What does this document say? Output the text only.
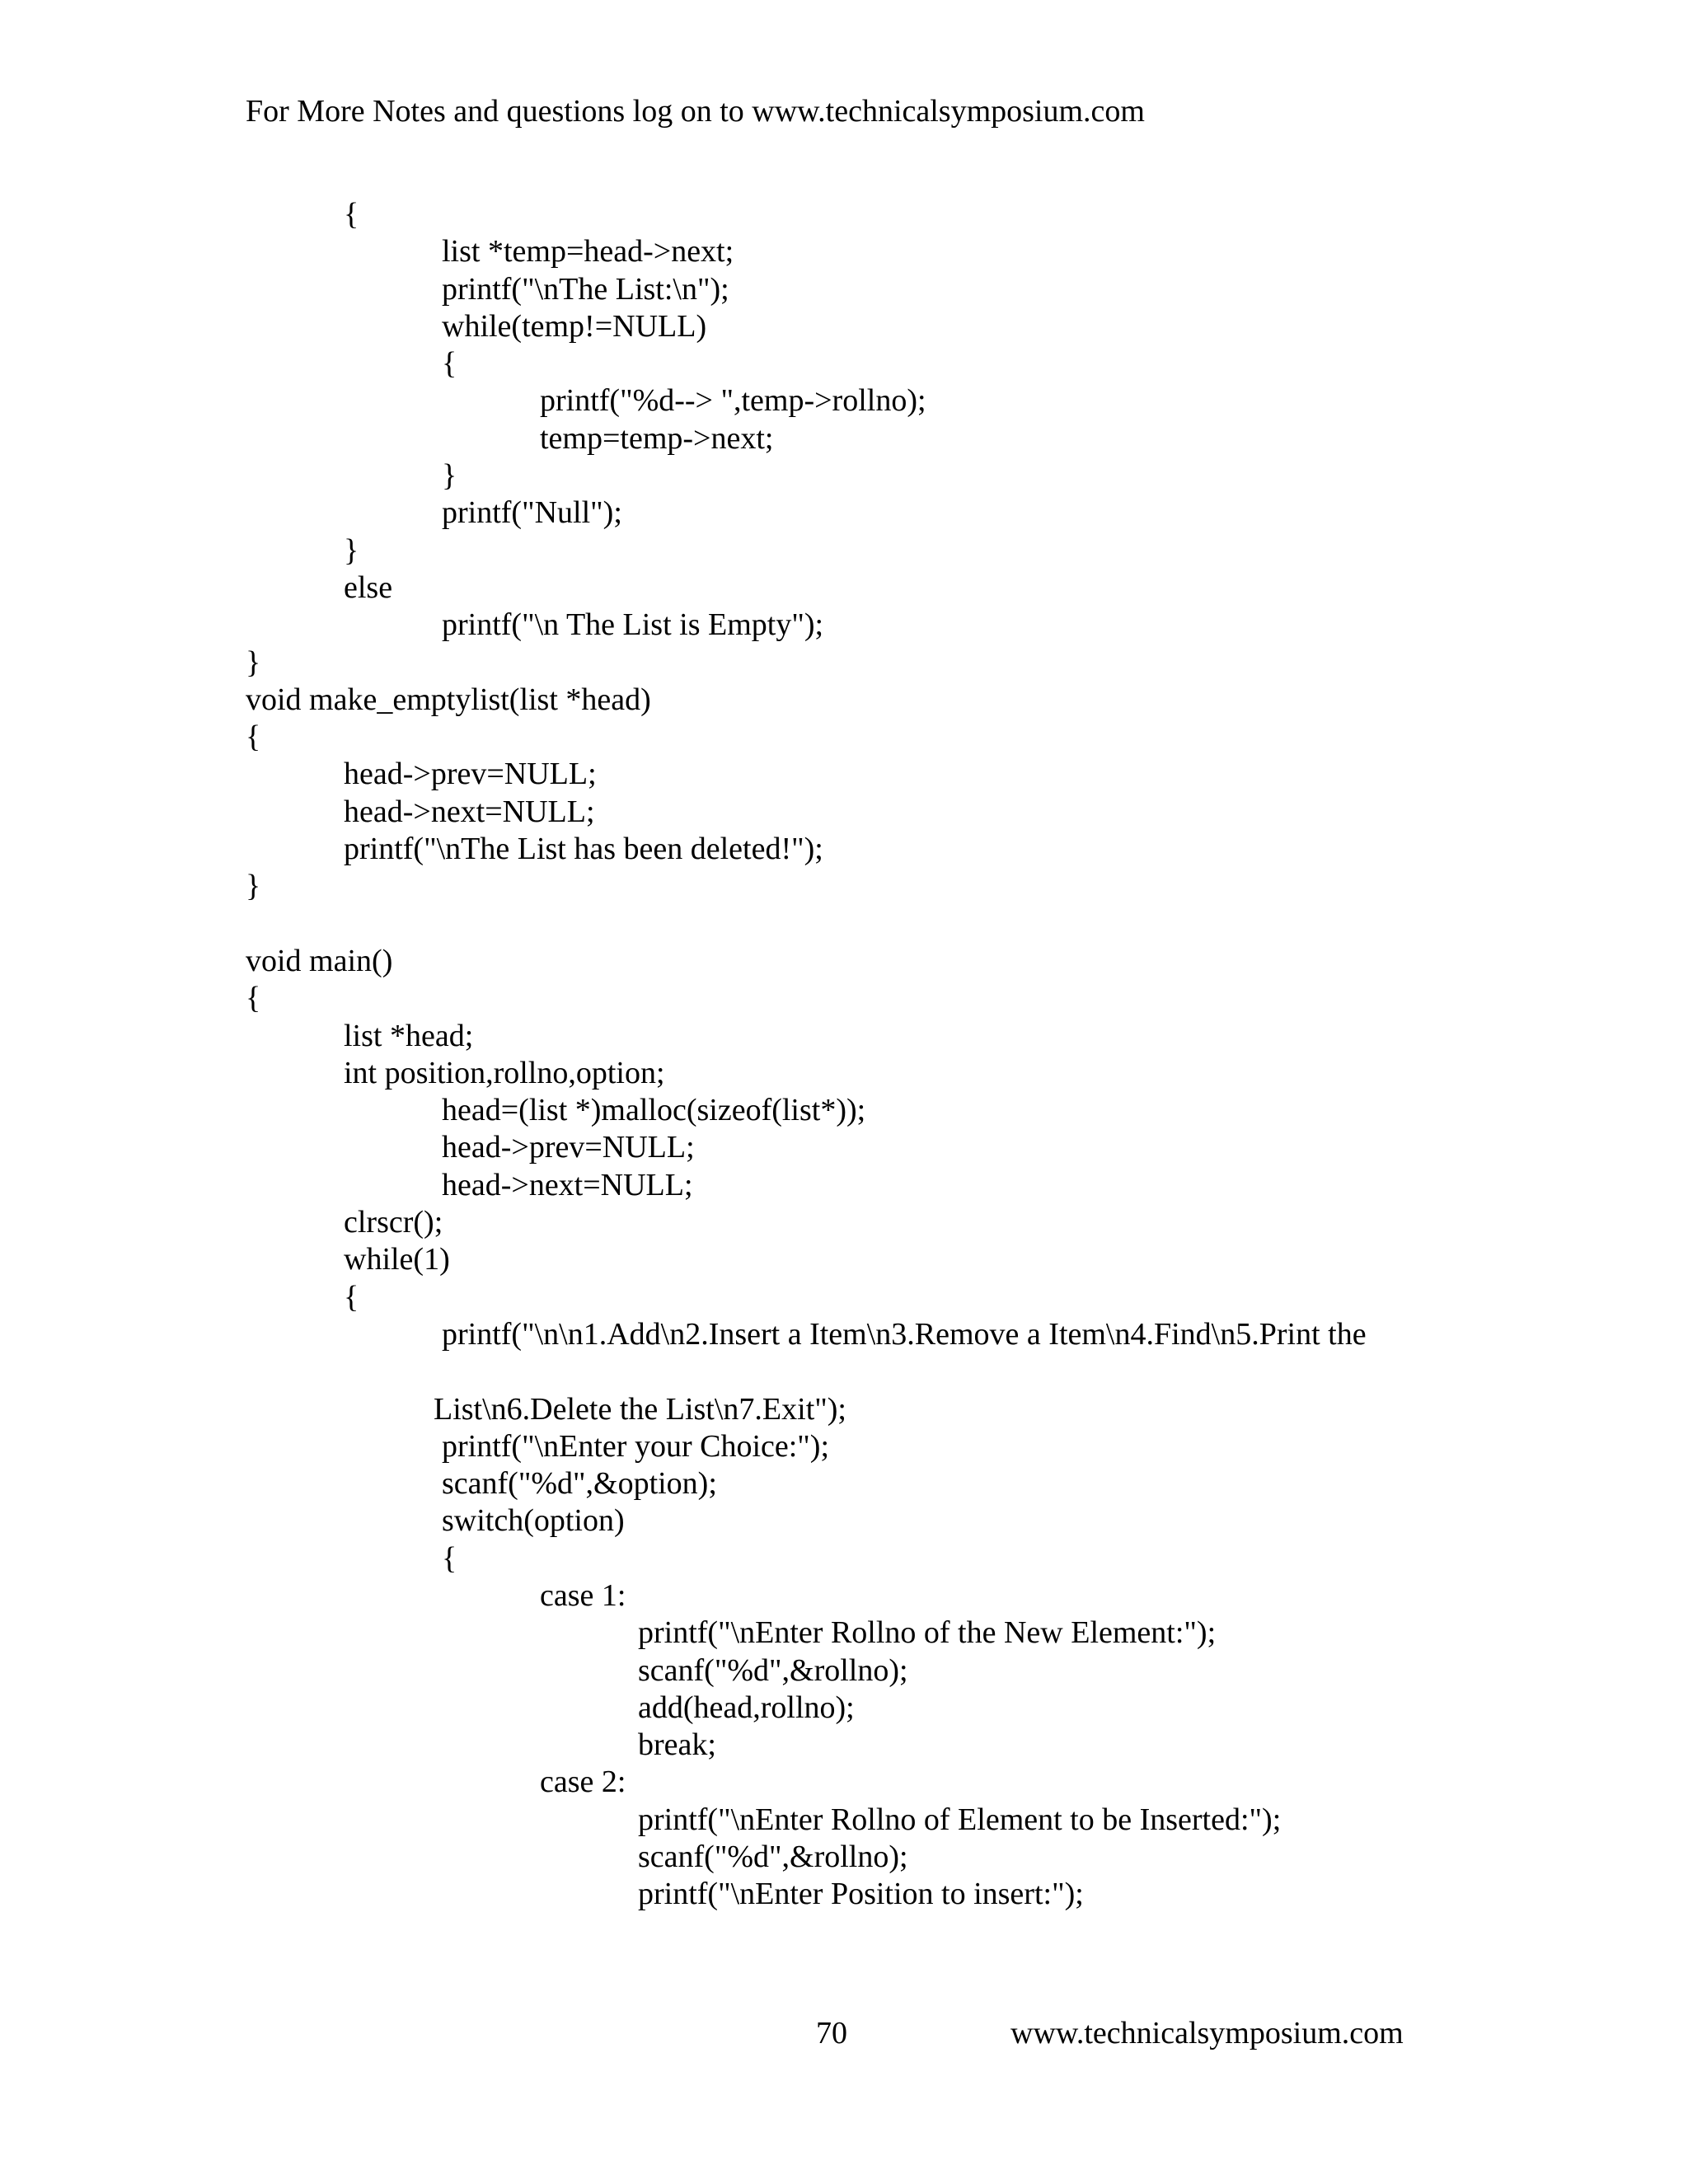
For More Notes and questions log on to www.technicalsymposium.com
{
list *temp=head->next;
printf("\nThe List:\n");
while(temp!=NULL)
{
printf("%d--> ",temp->rollno);
temp=temp->next;
}
printf("Null");
}
else
printf("\n The List is Empty");
}
void make_emptylist(list *head)
{
head->prev=NULL;
head->next=NULL;
printf("\nThe List has been deleted!");
}
void main()
{
list *head;
int position,rollno,option;
head=(list *)malloc(sizeof(list*));
head->prev=NULL;
head->next=NULL;
clrscr();
while(1)
{
printf("\n\n1.Add\n2.Insert a Item\n3.Remove a Item\n4.Find\n5.Print the
List\n6.Delete the List\n7.Exit");
printf("\nEnter your Choice:");
scanf("%d",&option);
switch(option)
{
case 1:
printf("\nEnter Rollno of the New Element:");
scanf("%d",&rollno);
add(head,rollno);
break;
case 2:
printf("\nEnter Rollno of Element to be Inserted:");
scanf("%d",&rollno);
printf("\nEnter Position to insert:");
70	www.technicalsymposium.com
